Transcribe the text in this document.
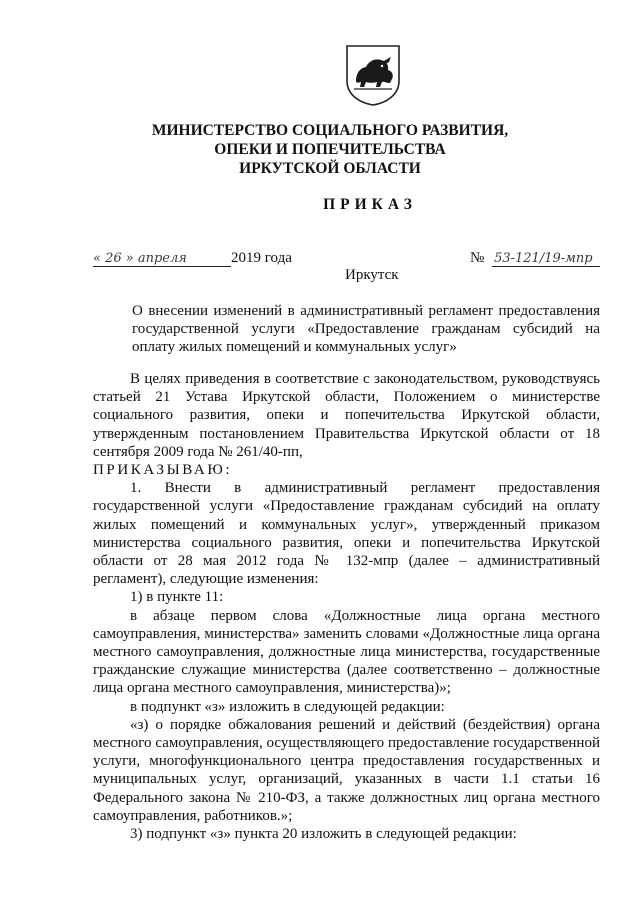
МИНИСТЕРСТВО СОЦИАЛЬНОГО РАЗВИТИЯ,
ОПЕКИ И ПОПЕЧИТЕЛЬСТВА
ИРКУТСКОЙ ОБЛАСТИ
ПРИКАЗ
« 26 » апреля	2019 года	№ 53-121/19-мпр
Иркутск
О внесении изменений в административный регламент предоставления государственной услуги «Предоставление гражданам субсидий на оплату жилых помещений и коммунальных услуг»

В целях приведения в соответствие с законодательством, руководствуясь статьей 21 Устава Иркутской области, Положением о министерстве социального развития, опеки и попечительства Иркутской области, утвержденным постановлением Правительства Иркутской области от 18 сентября 2009 года № 261/40-пп,

ПРИКАЗЫВАЮ:

1. Внести в административный регламент предоставления государственной услуги «Предоставление гражданам субсидий на оплату жилых помещений и коммунальных услуг», утвержденный приказом министерства социального развития, опеки и попечительства Иркутской области от 28 мая 2012 года № 132-мпр (далее – административный регламент), следующие изменения:

1) в пункте 11:

в абзаце первом слова «Должностные лица органа местного самоуправления, министерства» заменить словами «Должностные лица органа местного самоуправления, должностные лица министерства, государственные гражданские служащие министерства (далее соответственно – должностные лица органа местного самоуправления, министерства)»;

в подпункт «з» изложить в следующей редакции:

«з) о порядке обжалования решений и действий (бездействия) органа местного самоуправления, осуществляющего предоставление государственной услуги, многофункционального центра предоставления государственных и муниципальных услуг, организаций, указанных в части 1.1 статьи 16 Федерального закона № 210-ФЗ, а также должностных лиц органа местного самоуправления, работников.»;

3) подпункт «з» пункта 20 изложить в следующей редакции:
